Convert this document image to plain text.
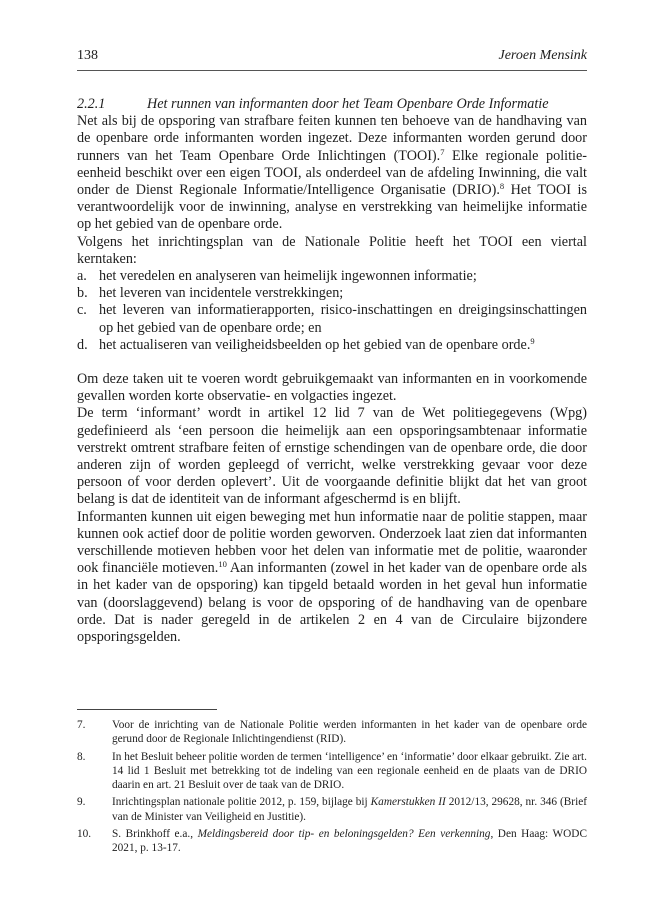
138	Jeroen Mensink
2.2.1	Het runnen van informanten door het Team Openbare Orde Informatie

Net als bij de opsporing van strafbare feiten kunnen ten behoeve van de handhaving van de openbare orde informanten worden ingezet. Deze informanten worden gerund door runners van het Team Openbare Orde Inlichtingen (TOOI).$^7$ Elke regionale politie-eenheid beschikt over een eigen TOOI, als onderdeel van de afdeling Inwinning, die valt onder de Dienst Regionale Informatie/Intelligence Organisatie (DRIO).$^8$ Het TOOI is verantwoordelijk voor de inwinning, analyse en verstrekking van heimelijke informatie op het gebied van de openbare orde.

Volgens het inrichtingsplan van de Nationale Politie heeft het TOOI een viertal kerntaken:

a. het veredelen en analyseren van heimelijk ingewonnen informatie;
b. het leveren van incidentele verstrekkingen;
c. het leveren van informatierapporten, risico-inschattingen en dreigingsinschattingen op het gebied van de openbare orde; en
d. het actualiseren van veiligheidsbeelden op het gebied van de openbare orde.$^9$

Om deze taken uit te voeren wordt gebruikgemaakt van informanten en in voorkomende gevallen worden korte observatie- en volgacties ingezet.

De term ‘informant’ wordt in artikel 12 lid 7 van de Wet politiegegevens (Wpg) gedefinieerd als ‘een persoon die heimelijk aan een opsporingsambtenaar informatie verstrekt omtrent strafbare feiten of ernstige schendingen van de openbare orde, die door anderen zijn of worden gepleegd of verricht, welke verstrekking gevaar voor deze persoon of voor derden oplevert’. Uit de voorgaande definitie blijkt dat het van groot belang is dat de identiteit van de informant afgeschermd is en blijft.

Informanten kunnen uit eigen beweging met hun informatie naar de politie stappen, maar kunnen ook actief door de politie worden geworven. Onderzoek laat zien dat informanten verschillende motieven hebben voor het delen van informatie met de politie, waaronder ook financiële motieven.$^{10}$ Aan informanten (zowel in het kader van de openbare orde als in het kader van de opsporing) kan tipgeld betaald worden in het geval hun informatie van (doorslaggevend) belang is voor de opsporing of de handhaving van de openbare orde. Dat is nader geregeld in de artikelen 2 en 4 van de Circulaire bijzondere opsporingsgelden.

7.	Voor de inrichting van de Nationale Politie werden informanten in het kader van de openbare orde gerund door de Regionale Inlichtingendienst (RID).
8.	In het Besluit beheer politie worden de termen ‘intelligence’ en ‘informatie’ door elkaar gebruikt. Zie art. 14 lid 1 Besluit met betrekking tot de indeling van een regionale eenheid en de plaats van de DRIO daarin en art. 21 Besluit over de taak van de DRIO.
9.	Inrichtingsplan nationale politie 2012, p. 159, bijlage bij Kamerstukken II 2012/13, 29628, nr. 346 (Brief van de Minister van Veiligheid en Justitie).
10.	S. Brinkhoff e.a., Meldingsbereid door tip- en beloningsgelden? Een verkenning, Den Haag: WODC 2021, p. 13-17.
